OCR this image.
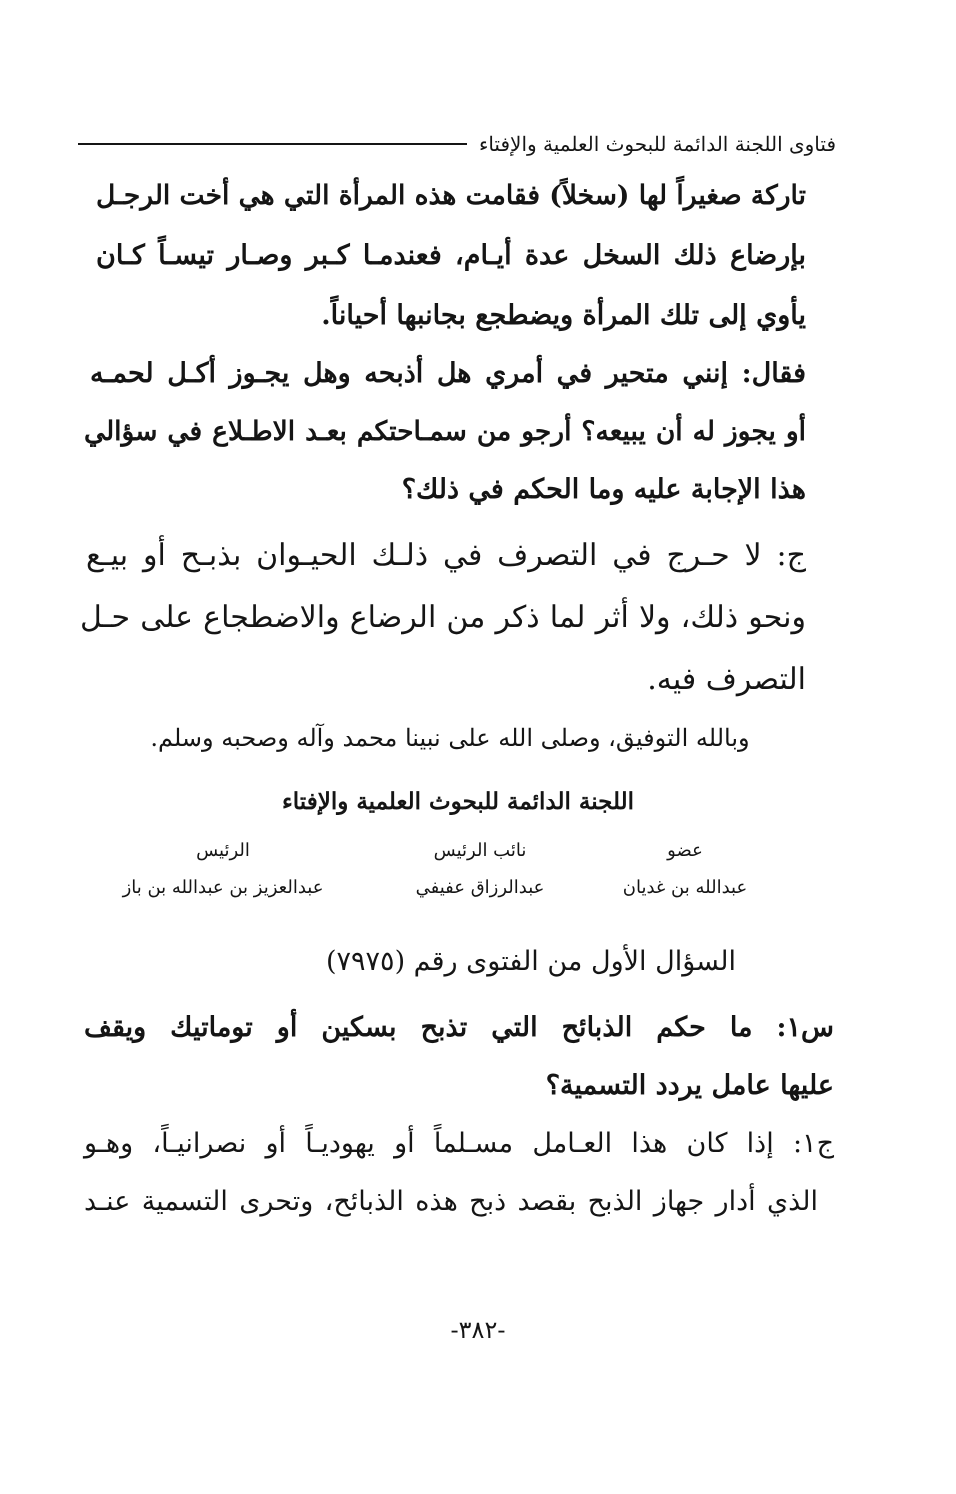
فتاوى اللجنة الدائمة للبحوث العلمية والإفتاء
تاركة صغيراً لها (سخلاً) فقامت هذه المرأة التي هي أخت الرجـل
بإرضاع ذلك السخل عدة أيـام، فعندمـا كـبر وصـار تيسـاً كـان
يأوي إلى تلك المرأة ويضطجع بجانبها أحياناً.
فقال: إنني متحير في أمري هل أذبحه وهل يجـوز أكـل لحمـه
أو يجوز له أن يبيعه؟ أرجو من سمـاحتكم بعـد الاطـلاع في سؤالي
هذا الإجابة عليه وما الحكم في ذلك؟
ج: لا حـرج في التصرف في ذلـك الحيـوان بذبـح أو بيـع
ونحو ذلك، ولا أثر لما ذكر من الرضاع والاضطجاع على حـل
التصرف فيه.
وبالله التوفيق، وصلى الله على نبينا محمد وآله وصحبه وسلم.
اللجنة الدائمة للبحوث العلمية والإفتاء
عضو
عبدالله بن غديان
نائب الرئيس
عبدالرزاق عفيفي
الرئيس
عبدالعزيز بن عبدالله بن باز
السؤال الأول من الفتوى رقم (٧٩٧٥)
س١: ما حكم الذبائح التي تذبح بسكين أو توماتيك ويقف
عليها عامل يردد التسمية؟
ج١: إذا كان هذا العـامل مسـلماً أو يهوديـاً أو نصرانيـاً، وهـو
الذي أدار جهاز الذبح بقصد ذبح هذه الذبائح، وتحرى التسمية عنـد
-٣٨٢-
